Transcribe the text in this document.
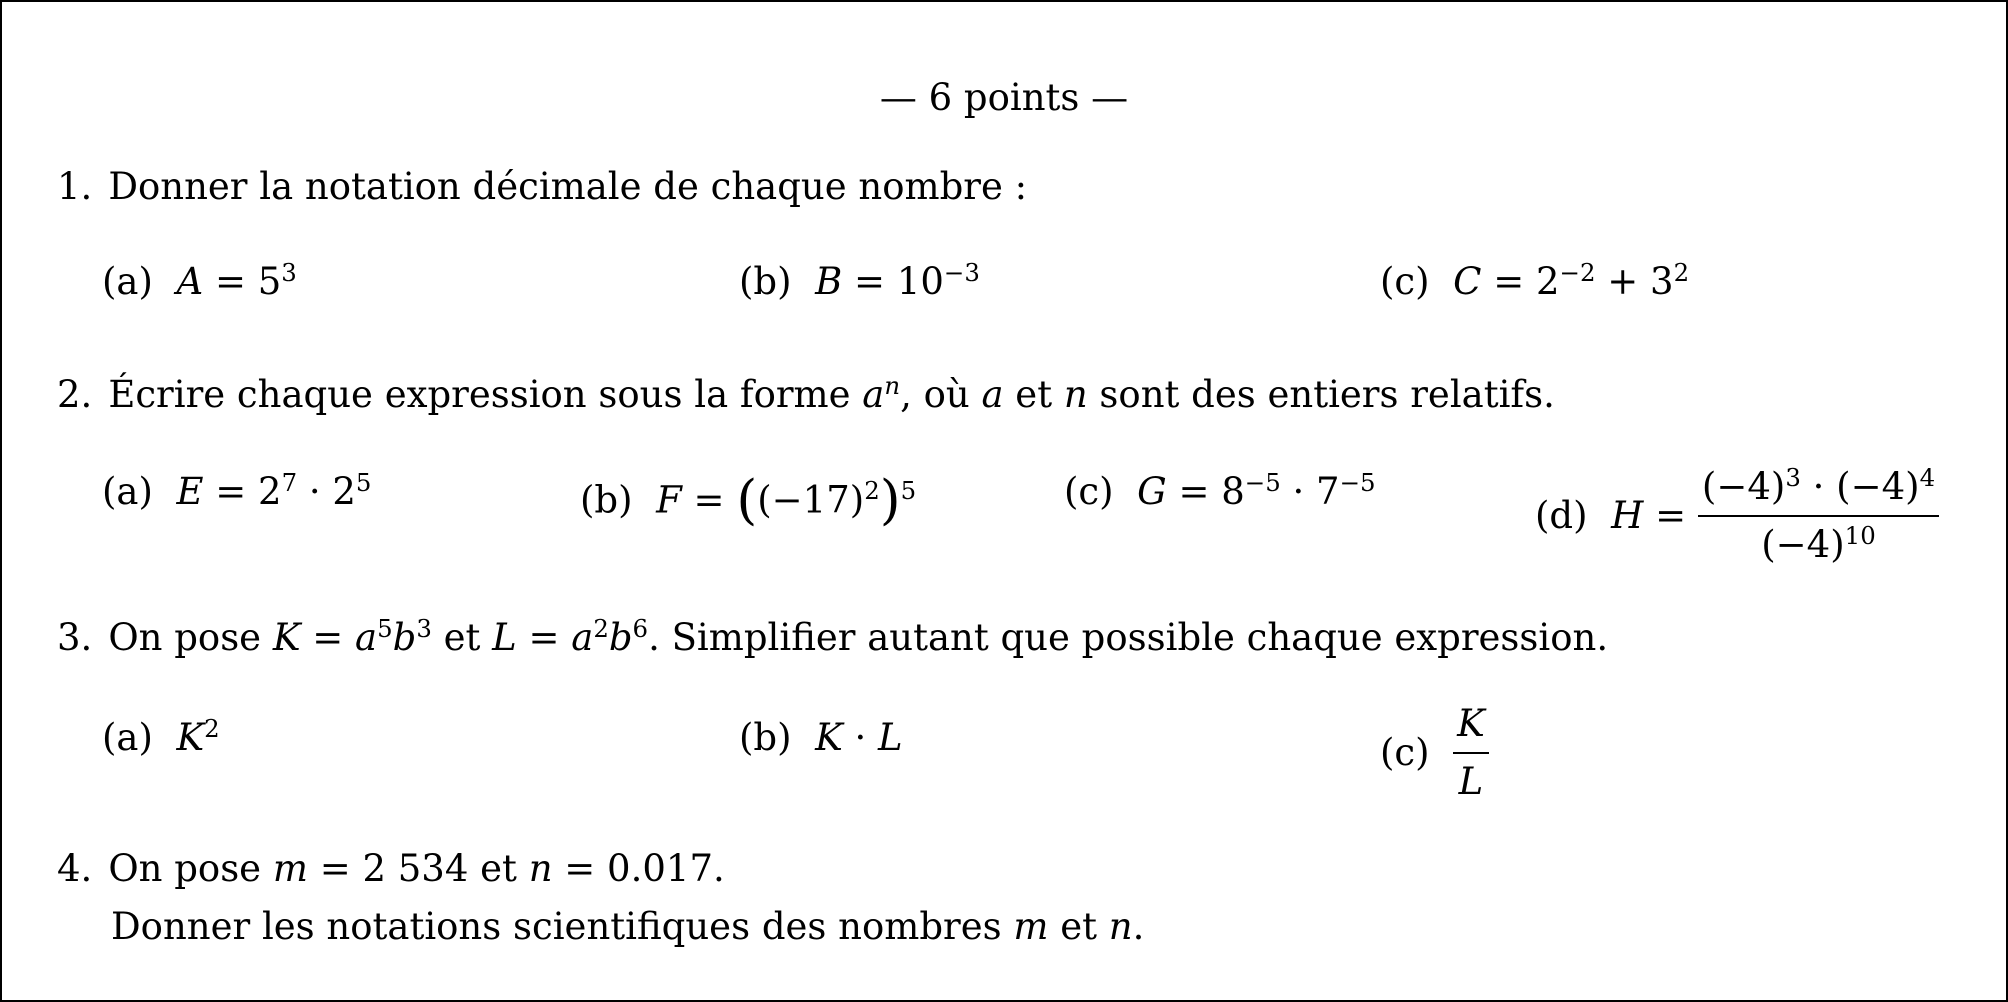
— 6 points —
1. Donner la notation décimale de chaque nombre :
(a) $A = 5^3$	(b) $B = 10^{-3}$	(c) $C = 2^{-2} + 3^2$
2. Écrire chaque expression sous la forme $a^n$, où a et n sont des entiers relatifs.
(a) $E = 2^7 \cdot 2^5$	(b) $F = ((-17)^2)^5$	(c) $G = 8^{-5} \cdot 7^{-5}$
(d) $H = \frac{(-4)^3 \cdot (-4)^4}{(-4)^{10}}$
3. On pose $K = a^5b^3$ et $L = a^2b^6$. Simplifier autant que possible chaque expression.
(a) $K^2$	(b) K · L	$(c) \frac{K}{L}$
4. On pose m = 2 534 et n = 0.017.
Donner les notations scientifiques des nombres m et n.
